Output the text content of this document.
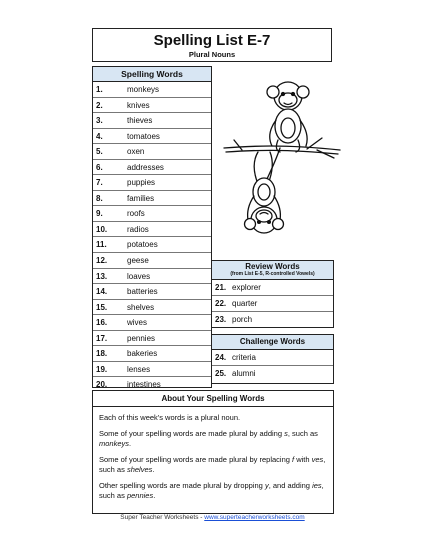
Spelling List E-7
Plural Nouns
Spelling Words
1.	monkeys
2.	knives
3.	thieves
4.	tomatoes
5.	oxen
6.	addresses
7.	puppies
8.	families
9.	roofs
10. radios
11.	potatoes
12. geese
13. loaves
14. batteries
15. shelves
16. wives
17. pennies
18. bakeries
19. lenses
20. intestines
Review Words
(from List E-5, R-controlled Vowels)
21. explorer
22. quarter
23. porch
Challenge Words
24. criteria
25. alumni
About Your Spelling Words

Each of this week's words is a plural noun.

Some of your spelling words are made plural by adding s, such as monkeys.

Some of your spelling words are made plural by replacing f with ves, such as shelves.

Other spelling words are made plural by dropping y, and adding ies, such as pennies.

Super Teacher Worksheets - www.superteacherworksheets.com
